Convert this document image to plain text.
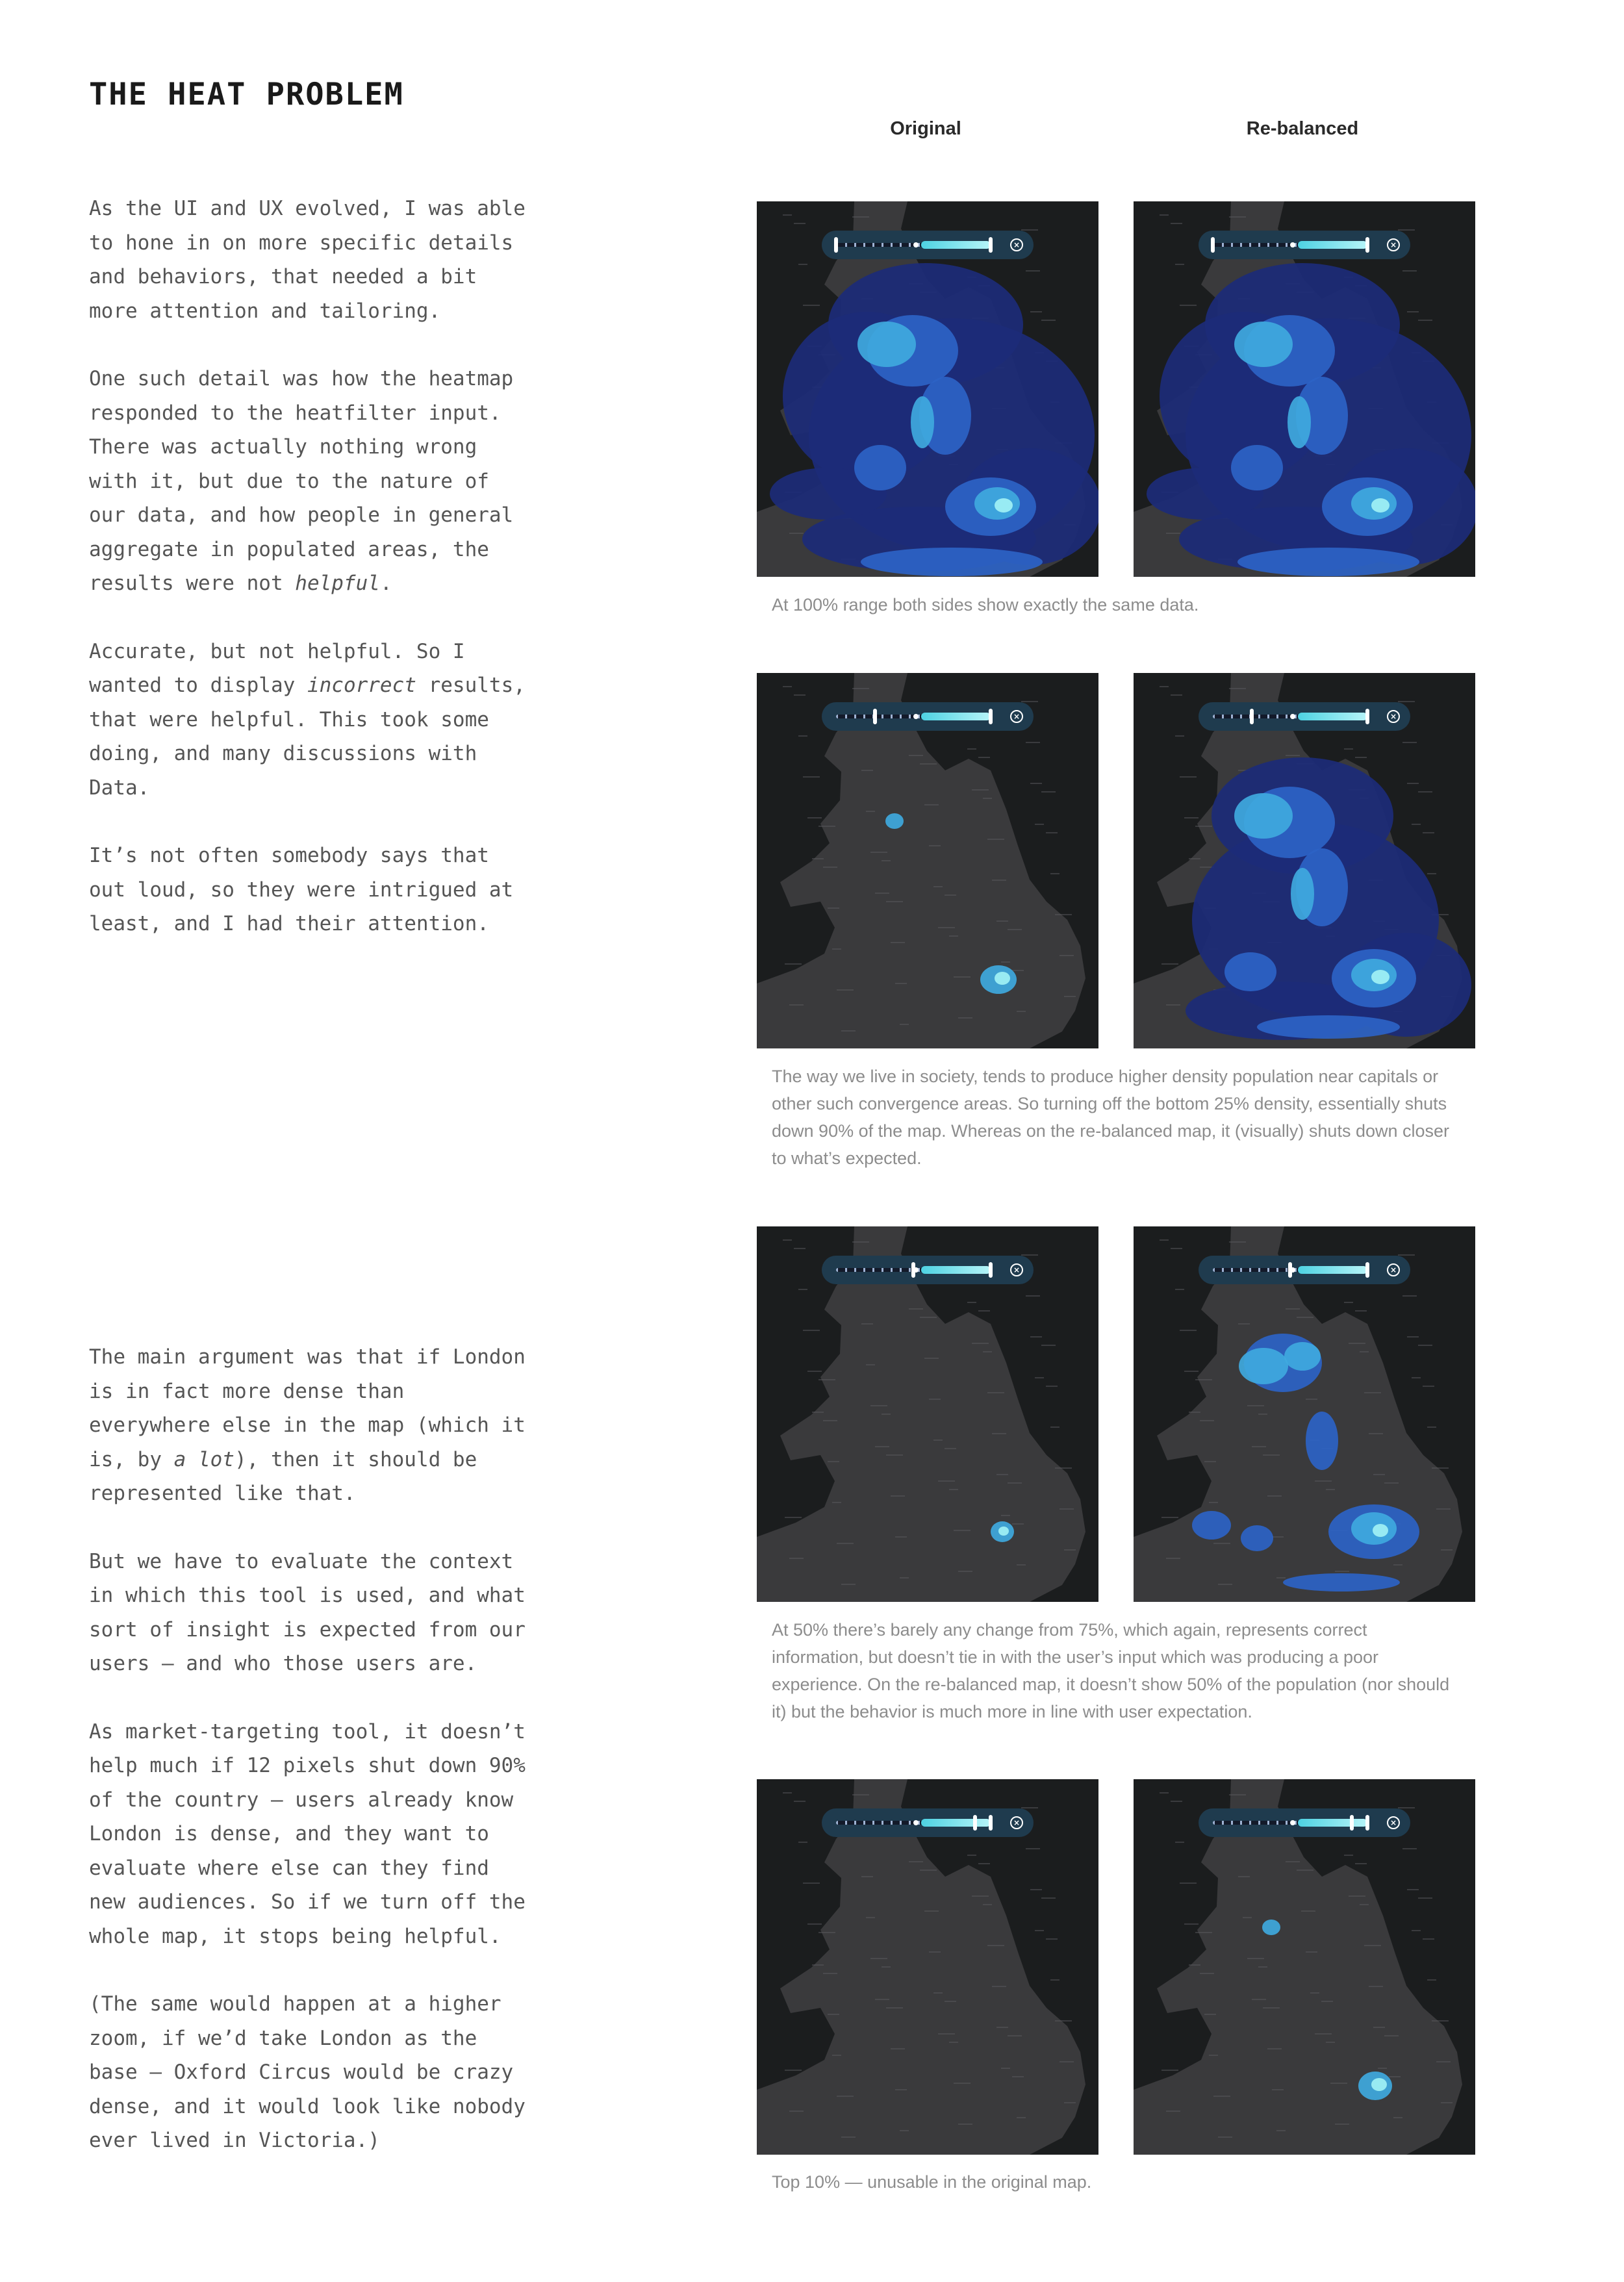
THE HEAT PROBLEM
Original	Re-balanced

As the UI and UX evolved, I was able
to hone in on more specific details
and behaviors, that needed a bit
more attention and tailoring.

One such detail was how the heatmap
responded to the heatfilter input.
There was actually nothing wrong
with it, but due to the nature of
our data, and how people in general
aggregate in populated areas, the
results were not helpful.

Accurate, but not helpful. So I
wanted to display incorrect results,
that were helpful. This took some
doing, and many discussions with
Data.

It’s not often somebody says that
out loud, so they were intrigued at
least, and I had their attention.

The main argument was that if London
is in fact more dense than
everywhere else in the map (which it
is, by a lot), then it should be
represented like that.

But we have to evaluate the context
in which this tool is used, and what
sort of insight is expected from our
users — and who those users are.

As market-targeting tool, it doesn’t
help much if 12 pixels shut down 90%
of the country — users already know
London is dense, and they want to
evaluate where else can they find
new audiences. So if we turn off the
whole map, it stops being helpful.

(The same would happen at a higher
zoom, if we’d take London as the
base — Oxford Circus would be crazy
dense, and it would look like nobody
ever lived in Victoria.)

×	×

At 100% range both sides show exactly the same data.

×	×

The way we live in society, tends to produce higher density population near capitals or other such convergence areas. So turning off the bottom 25% density, essentially shuts down 90% of the map. Whereas on the re-balanced map, it (visually) shuts down closer to what’s expected.

×	×

At 50% there’s barely any change from 75%, which again, represents correct information, but doesn’t tie in with the user’s input which was producing a poor experience. On the re-balanced map, it doesn’t show 50% of the population (nor should it) but the behavior is much more in line with user expectation.

×	×

Top 10% — unusable in the original map.
